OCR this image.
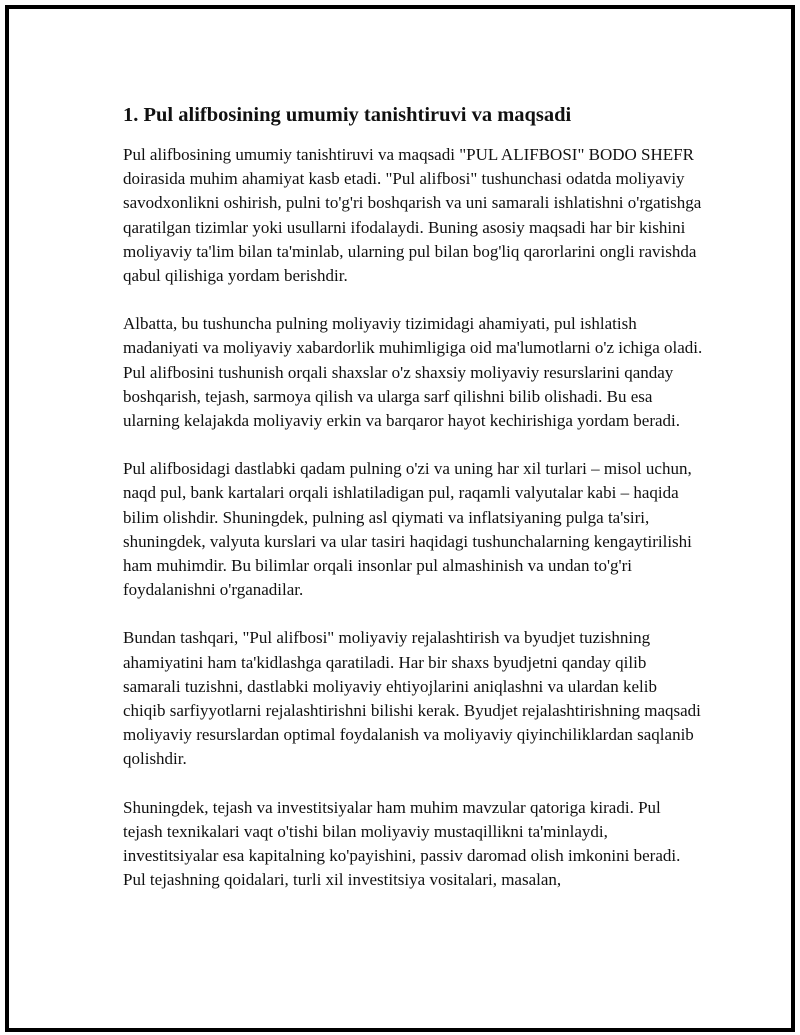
1. Pul alifbosining umumiy tanishtiruvi va maqsadi

Pul alifbosining umumiy tanishtiruvi va maqsadi "PUL ALIFBOSI" BODO SHEFR doirasida muhim ahamiyat kasb etadi. "Pul alifbosi" tushunchasi odatda moliyaviy savodxonlikni oshirish, pulni to'g'ri boshqarish va uni samarali ishlatishni o'rgatishga qaratilgan tizimlar yoki usullarni ifodalaydi. Buning asosiy maqsadi har bir kishini moliyaviy ta'lim bilan ta'minlab, ularning pul bilan bog'liq qarorlarini ongli ravishda qabul qilishiga yordam berishdir.

Albatta, bu tushuncha pulning moliyaviy tizimidagi ahamiyati, pul ishlatish madaniyati va moliyaviy xabardorlik muhimligiga oid ma'lumotlarni o'z ichiga oladi. Pul alifbosini tushunish orqali shaxslar o'z shaxsiy moliyaviy resurslarini qanday boshqarish, tejash, sarmoya qilish va ularga sarf qilishni bilib olishadi. Bu esa ularning kelajakda moliyaviy erkin va barqaror hayot kechirishiga yordam beradi.

Pul alifbosidagi dastlabki qadam pulning o'zi va uning har xil turlari – misol uchun, naqd pul, bank kartalari orqali ishlatiladigan pul, raqamli valyutalar kabi – haqida bilim olishdir. Shuningdek, pulning asl qiymati va inflatsiyaning pulga ta'siri, shuningdek, valyuta kurslari va ular tasiri haqidagi tushunchalarning kengaytirilishi ham muhimdir. Bu bilimlar orqali insonlar pul almashinish va undan to'g'ri foydalanishni o'rganadilar.

Bundan tashqari, "Pul alifbosi" moliyaviy rejalashtirish va byudjet tuzishning ahamiyatini ham ta'kidlashga qaratiladi. Har bir shaxs byudjetni qanday qilib samarali tuzishni, dastlabki moliyaviy ehtiyojlarini aniqlashni va ulardan kelib chiqib sarfiyyotlarni rejalashtirishni bilishi kerak. Byudjet rejalashtirishning maqsadi moliyaviy resurslardan optimal foydalanish va moliyaviy qiyinchiliklardan saqlanib qolishdir.

Shuningdek, tejash va investitsiyalar ham muhim mavzular qatoriga kiradi. Pul tejash texnikalari vaqt o'tishi bilan moliyaviy mustaqillikni ta'minlaydi, investitsiyalar esa kapitalning ko'payishini, passiv daromad olish imkonini beradi. Pul tejashning qoidalari, turli xil investitsiya vositalari, masalan,
